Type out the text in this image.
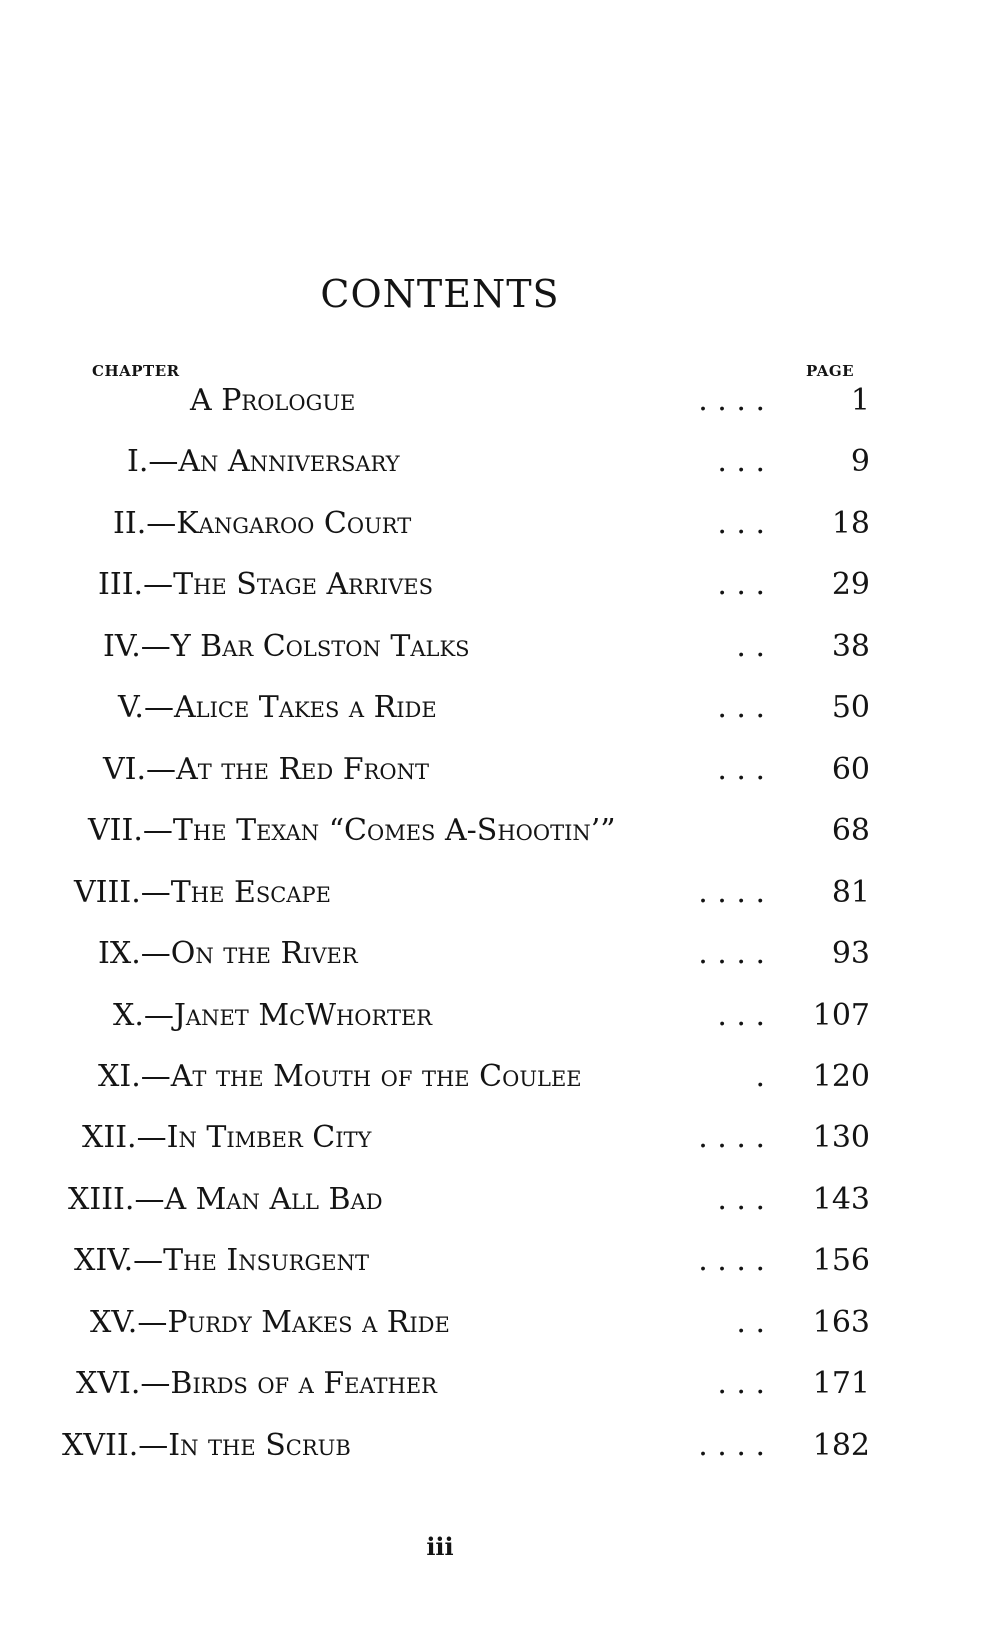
CONTENTS
CHAPTER	PAGE
A Prologue	. . . .	1
I.—An Anniversary	. . .	9
II.—Kangaroo Court	. . .	18
III.—The Stage Arrives	. . .	29
IV.—Y Bar Colston Talks	. .	38
V.—Alice Takes a Ride	. . .	50
VI.—At the Red Front	. . .	60
VII.—The Texan “Comes A-Shootin’”	68
VIII.—The Escape	. . . .	81
IX.—On the River	. . . .	93
X.—Janet McWhorter	. . .	107
XI.—At the Mouth of the Coulee	.	120
XII.—In Timber City	. . . .	130
XIII.—A Man All Bad	. . .	143
XIV.—The Insurgent	. . . .	156
XV.—Purdy Makes a Ride	. .	163
XVI.—Birds of a Feather	. . .	171
XVII.—In the Scrub	. . . .	182
iii
